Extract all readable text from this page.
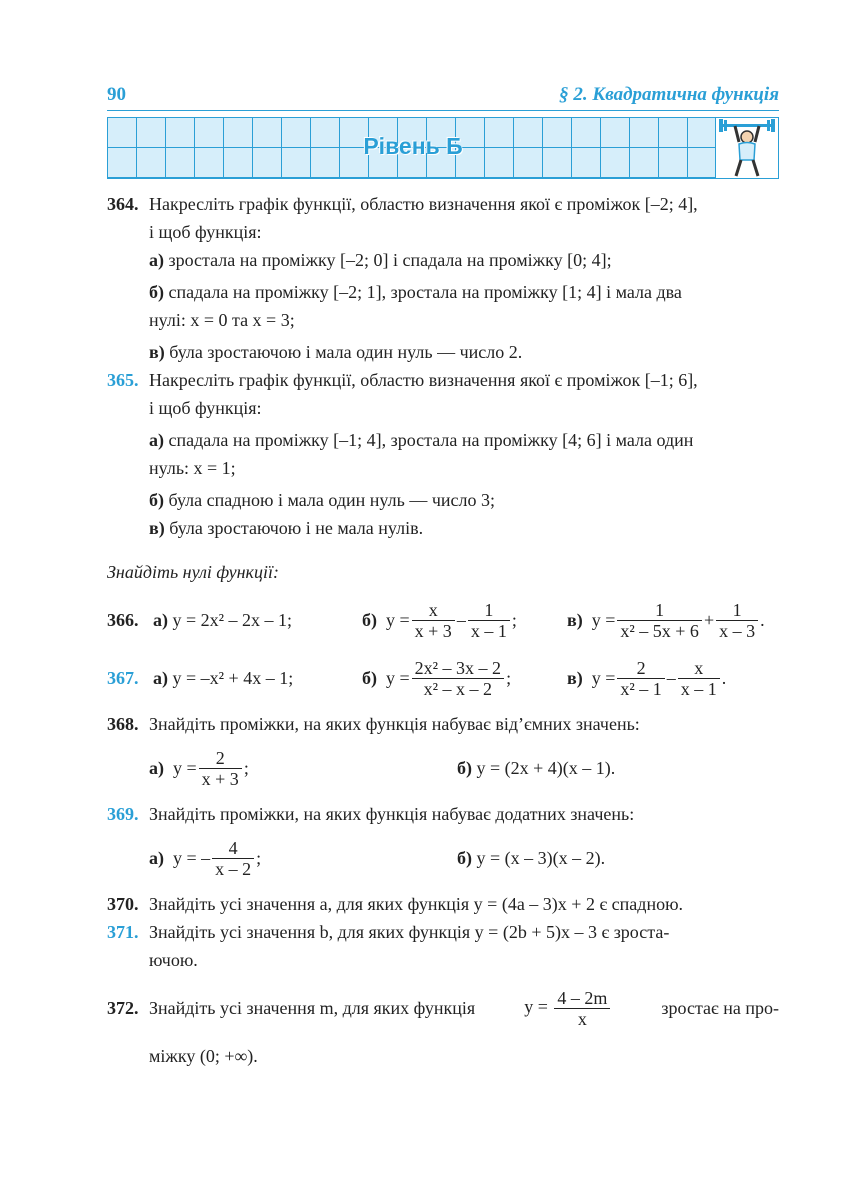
90	§ 2. Квадратична функція
Рівень Б
364. Накресліть графік функції, областю визначення якої є проміжок [–2; 4],
і щоб функція:
а) зростала на проміжку [–2; 0] і спадала на проміжку [0; 4];
б) спадала на проміжку [–2; 1], зростала на проміжку [1; 4] і мала два
нулі: x = 0 та x = 3;
в) була зростаючою і мала один нуль — число 2.
365. Накресліть графік функції, областю визначення якої є проміжок [–1; 6],
і щоб функція:
а) спадала на проміжку [–1; 4], зростала на проміжку [4; 6] і мала один
нуль: x = 1;
б) була спадною і мала один нуль — число 3;
в) була зростаючою і не мала нулів.
Знайдіть нулі функції:
366. а)
y = 2x² – 2x – 1;	б)
$y = \frac{x}{x + 3} - \frac{1}{x - 1}$ ;	в)
$y = \frac{1}{\text{x² – 5x + 6}} + \frac{1}{x - 3}$ .
367. а)
y = –x² + 4x – 1;	б)
$y = \frac{\text{2x² – 3x – 2}}{\text{x² – x – 2}}$ ;	в)
$y = \frac{2}{\text{x² – 1}} - \frac{x}{x - 1}$ .
368. Знайдіть проміжки, на яких функція набуває від’ємних значень:
а)
$y = \frac{2}{x + 3}$ ;	б)
y = (2x + 4)(x – 1).
369. Знайдіть проміжки, на яких функція набуває додатних значень:
а)
y = – $\frac{4}{x - 2}$ ;	б)
y = (x – 3)(x – 2).
370. Знайдіть усі значення a, для яких функція y = (4a – 3)x + 2 є спадною.
371. Знайдіть усі значення b, для яких функція y = (2b + 5)x – 3 є зроста-
ючою.
372. Знайдіть усі значення m, для яких функція	$y = \frac{4 - 2m}{x}$	зростає на про-
міжку (0; +∞).
